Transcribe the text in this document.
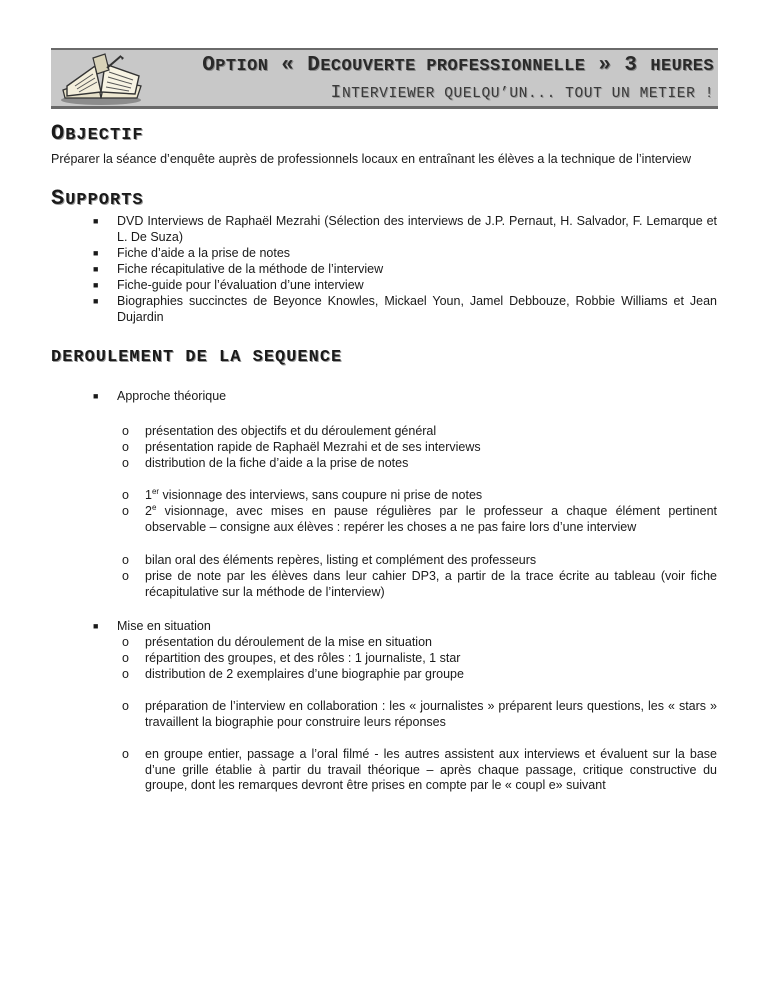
OPTION « DECOUVERTE PROFESSIONNELLE » 3 HEURES
INTERVIEWER QUELQU’UN... TOUT UN METIER !
OBJECTIF
Préparer la séance d’enquête auprès de professionnels locaux en entraînant les élèves a la technique de l’interview
SUPPORTS
■ DVD Interviews de Raphaël Mezrahi (Sélection des interviews de J.P. Pernaut, H. Salvador, F. Lemarque et L. De Suza)
■ Fiche d’aide a la prise de notes
■ Fiche récapitulative de la méthode de l’interview
■ Fiche-guide pour l’évaluation d’une interview
■ Biographies succinctes de Beyonce Knowles, Mickael Youn, Jamel Debbouze, Robbie Williams et Jean Dujardin
DEROULEMENT DE LA SEQUENCE
■ Approche théorique
o présentation des objectifs et du déroulement général
o présentation rapide de Raphaël Mezrahi et de ses interviews
o distribution de la fiche d’aide a la prise de notes
o 1er visionnage des interviews, sans coupure ni prise de notes
o 2e visionnage, avec mises en pause régulières par le professeur a chaque élément pertinent observable – consigne aux élèves : repérer les choses a ne pas faire lors d’une interview
o bilan oral des éléments repères, listing et complément des professeurs
o prise de note par les élèves dans leur cahier DP3, a partir de la trace écrite au tableau (voir fiche récapitulative sur la méthode de l’interview)
■ Mise en situation
o présentation du déroulement de la mise en situation
o répartition des groupes, et des rôles : 1 journaliste, 1 star
o distribution de 2 exemplaires d’une biographie par groupe
o préparation de l’interview en collaboration : les « journalistes » préparent leurs questions, les « stars » travaillent la biographie pour construire leurs réponses
o en groupe entier, passage a l’oral filmé - les autres assistent aux interviews et évaluent sur la base d’une grille établie à partir du travail théorique – après chaque passage, critique constructive du groupe, dont les remarques devront être prises en compte par le « coupl e» suivant
